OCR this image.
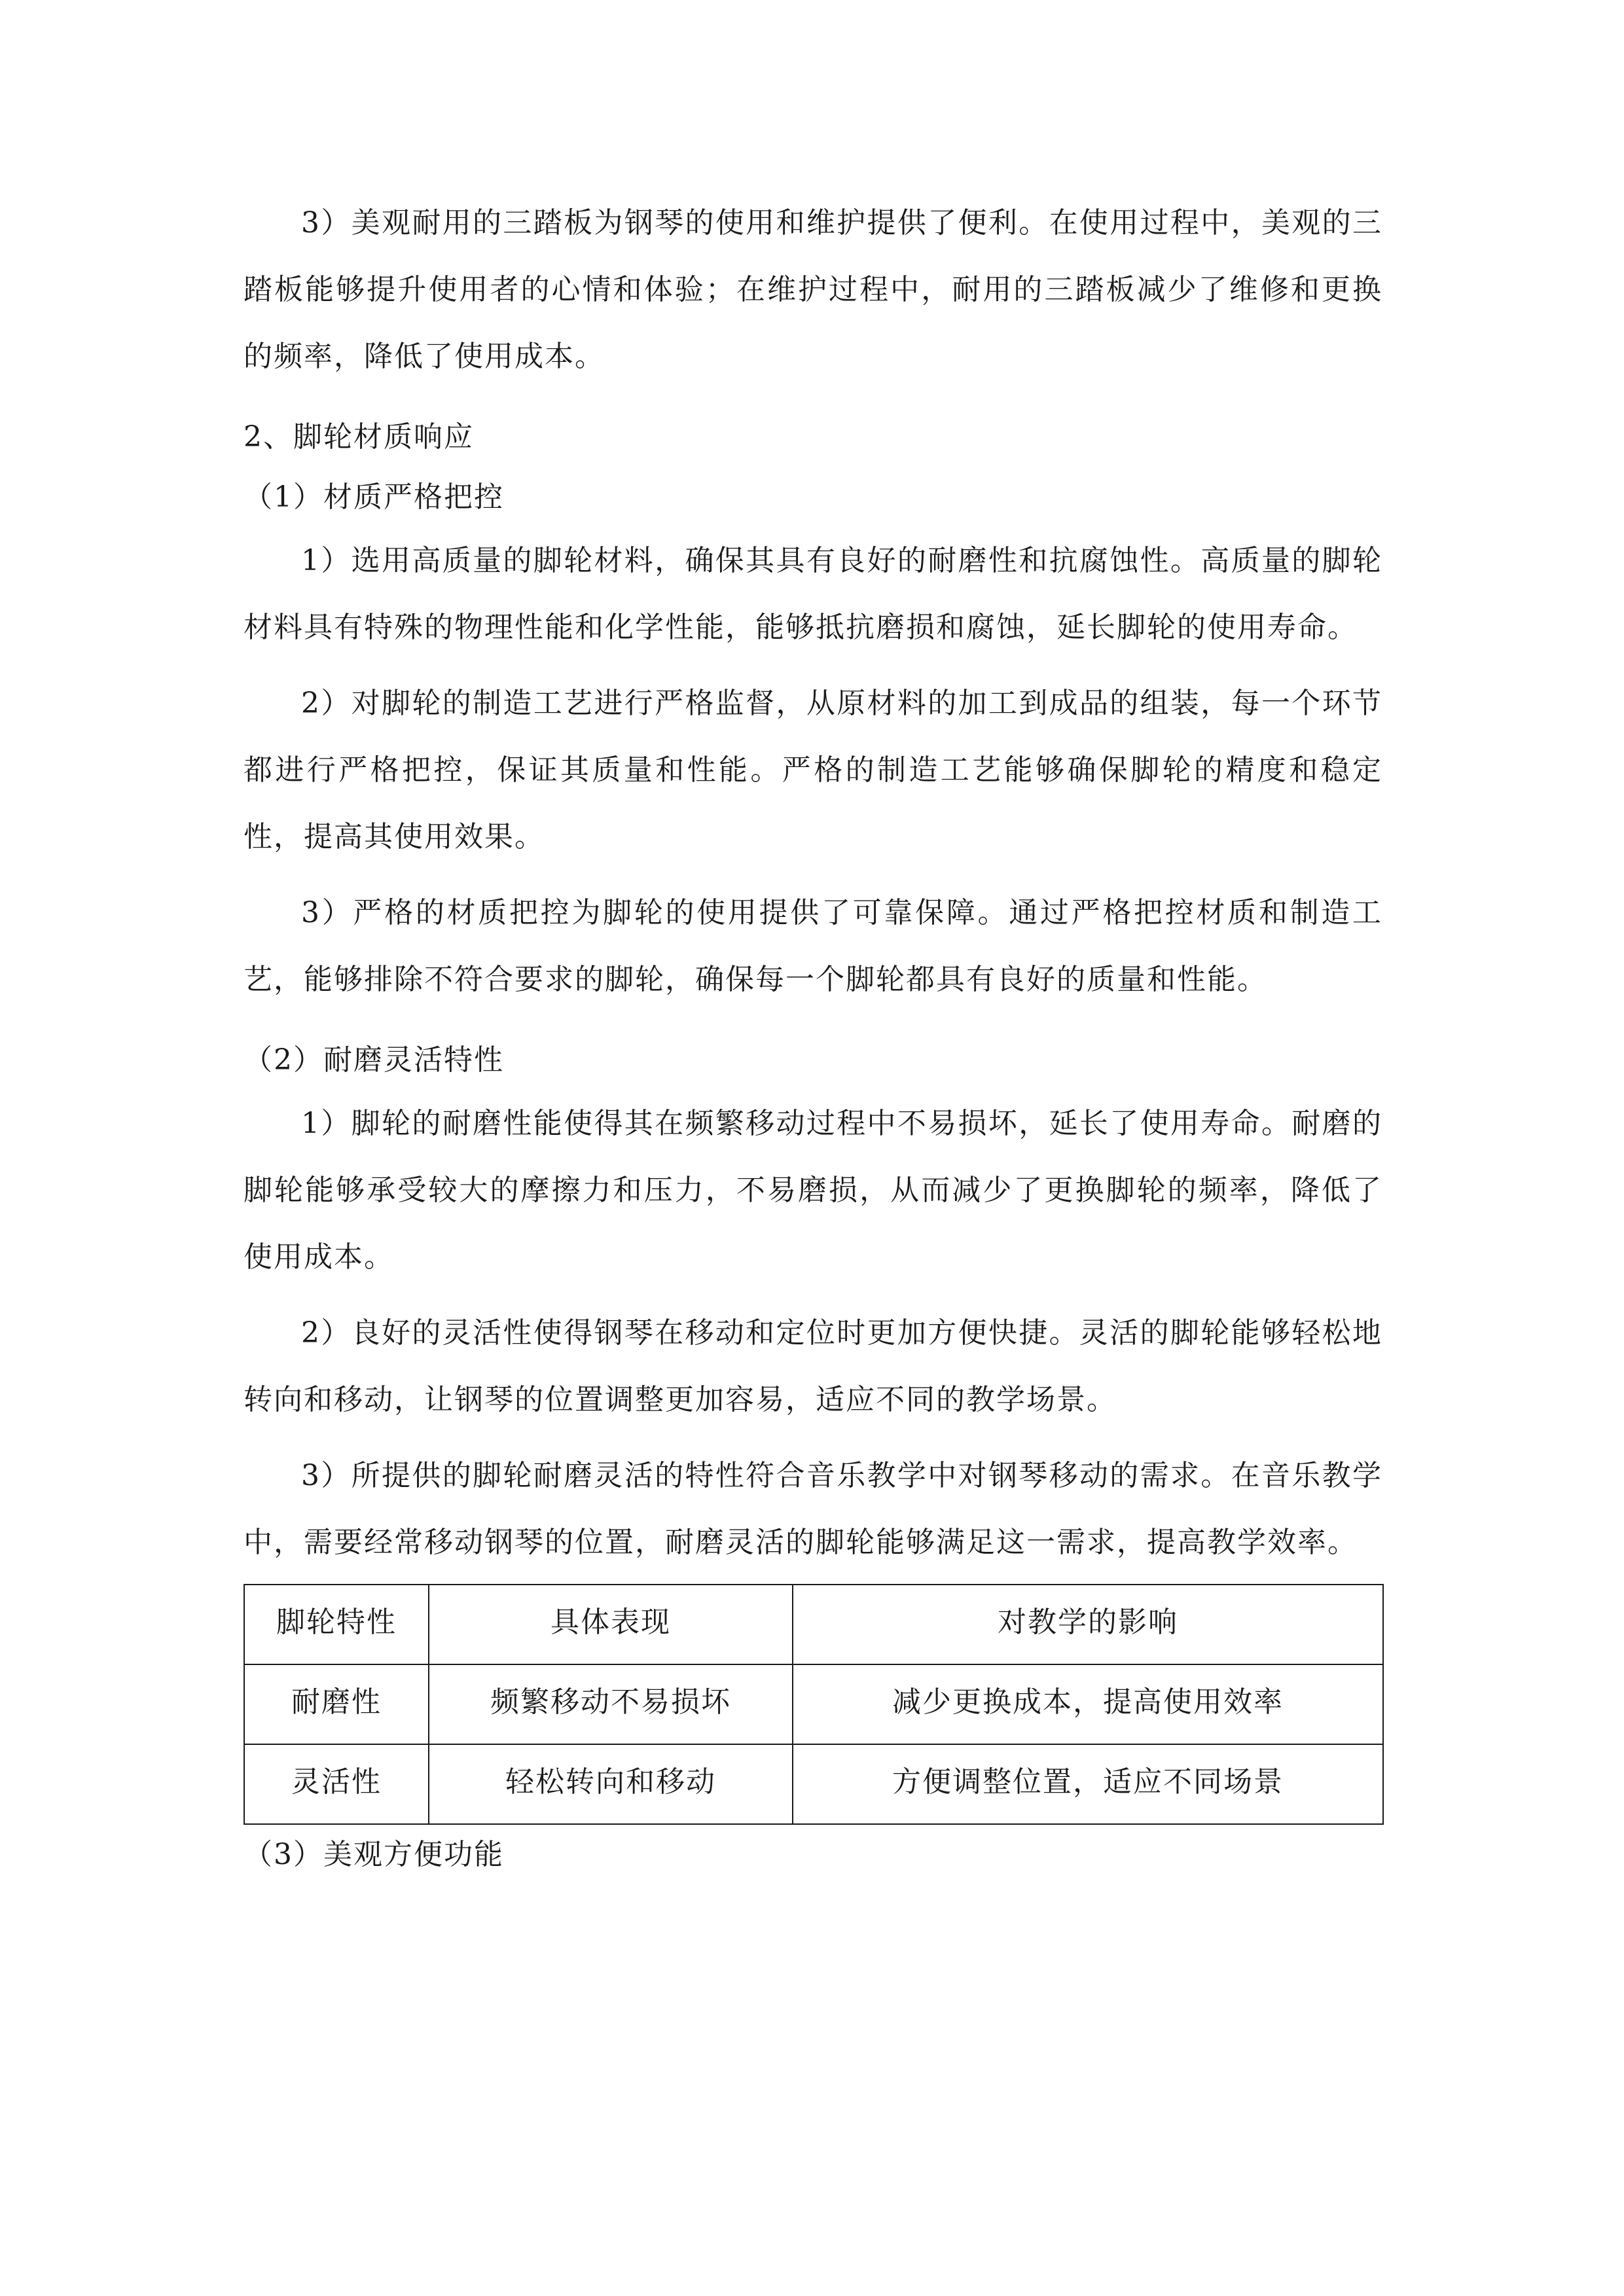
3）美观耐用的三踏板为钢琴的使用和维护提供了便利。在使用过程中，美观的三踏板能够提升使用者的心情和体验；在维护过程中，耐用的三踏板减少了维修和更换的频率，降低了使用成本。

2、脚轮材质响应

（1）材质严格把控

1）选用高质量的脚轮材料，确保其具有良好的耐磨性和抗腐蚀性。高质量的脚轮材料具有特殊的物理性能和化学性能，能够抵抗磨损和腐蚀，延长脚轮的使用寿命。

2）对脚轮的制造工艺进行严格监督，从原材料的加工到成品的组装，每一个环节都进行严格把控，保证其质量和性能。严格的制造工艺能够确保脚轮的精度和稳定性，提高其使用效果。

3）严格的材质把控为脚轮的使用提供了可靠保障。通过严格把控材质和制造工艺，能够排除不符合要求的脚轮，确保每一个脚轮都具有良好的质量和性能。

（2）耐磨灵活特性

1）脚轮的耐磨性能使得其在频繁移动过程中不易损坏，延长了使用寿命。耐磨的脚轮能够承受较大的摩擦力和压力，不易磨损，从而减少了更换脚轮的频率，降低了使用成本。

2）良好的灵活性使得钢琴在移动和定位时更加方便快捷。灵活的脚轮能够轻松地转向和移动，让钢琴的位置调整更加容易，适应不同的教学场景。

3）所提供的脚轮耐磨灵活的特性符合音乐教学中对钢琴移动的需求。在音乐教学中，需要经常移动钢琴的位置，耐磨灵活的脚轮能够满足这一需求，提高教学效率。

脚轮特性	具体表现	对教学的影响
耐磨性	频繁移动不易损坏	减少更换成本，提高使用效率
灵活性	轻松转向和移动	方便调整位置，适应不同场景

（3）美观方便功能
